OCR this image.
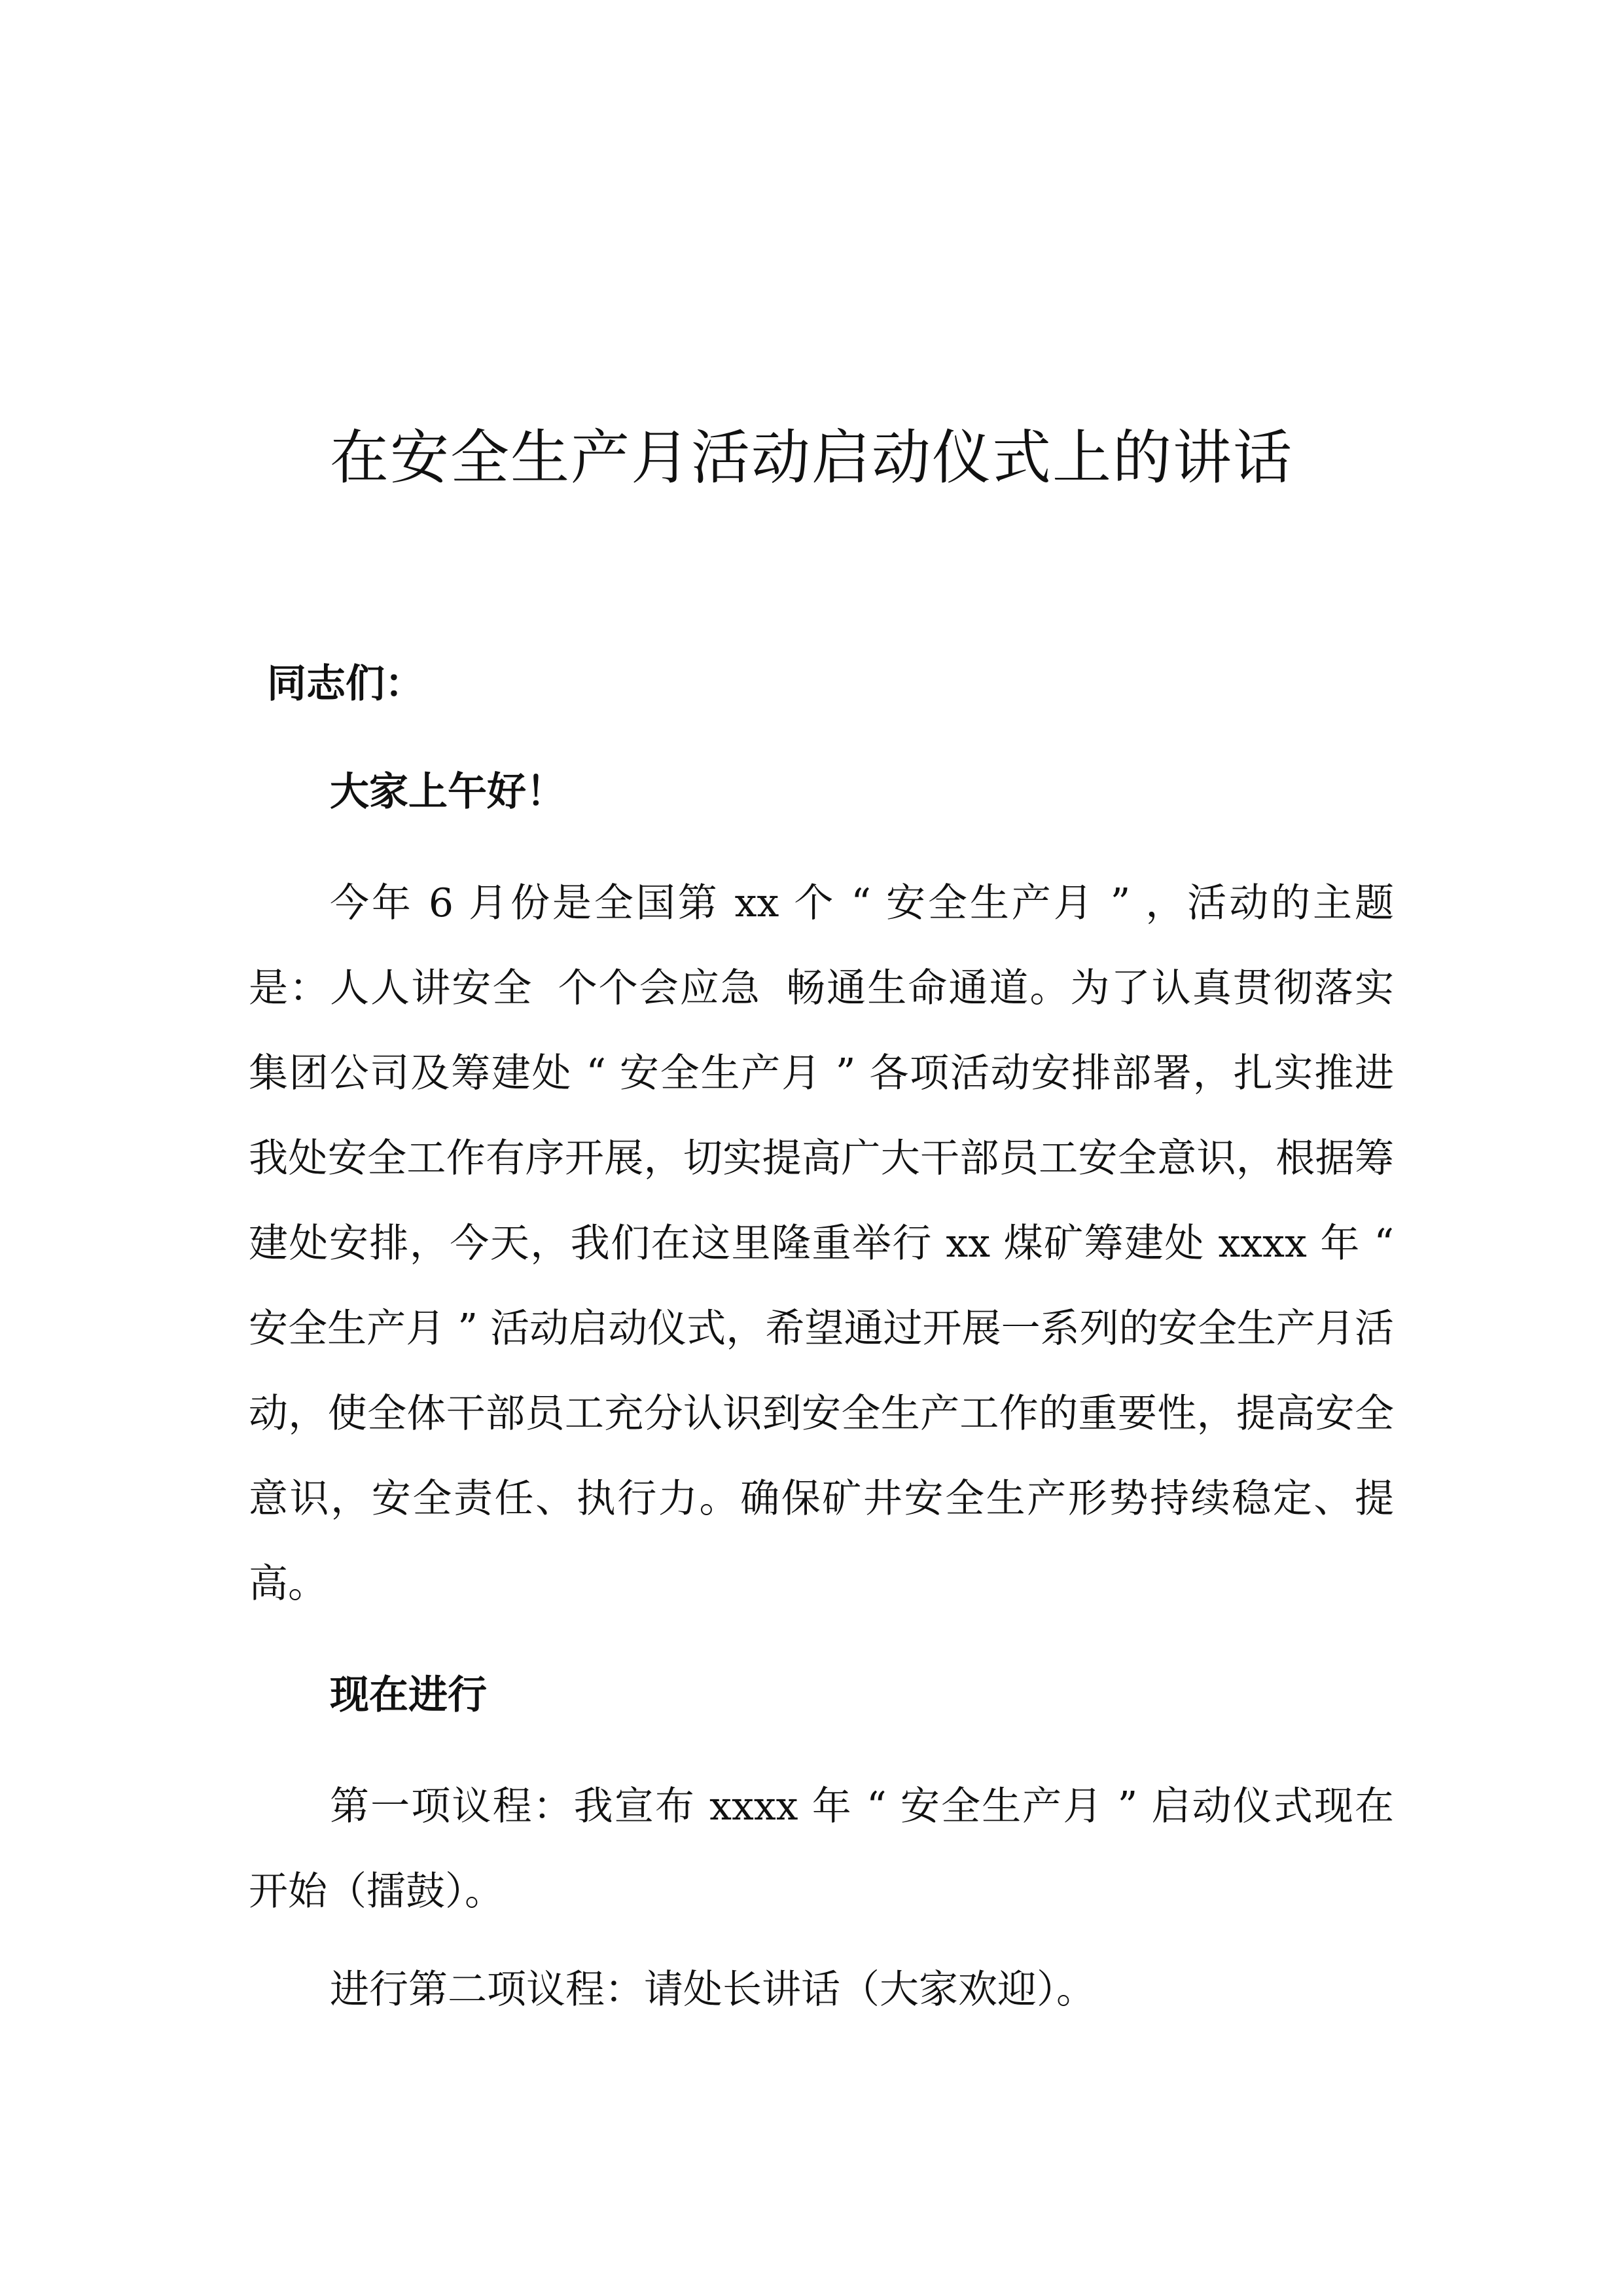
在安全生产月活动启动仪式上的讲话
同志们：
大家上午好！

今年 6 月份是全国第 xx 个 “ 安全生产月 ” ，活动的主题是：人人讲安全 个个会应急 畅通生命通道。为了认真贯彻落实集团公司及筹建处 “ 安全生产月 ” 各项活动安排部署，扎实推进我处安全工作有序开展，切实提高广大干部员工安全意识，根据筹建处安排，今天，我们在这里隆重举行 xx 煤矿筹建处 xxxx 年 “ 安全生产月 ” 活动启动仪式，希望通过开展一系列的安全生产月活动，使全体干部员工充分认识到安全生产工作的重要性，提高安全意识，安全责任、执行力。确保矿井安全生产形势持续稳定、提高。

现在进行

第一项议程：我宣布 xxxx 年 “ 安全生产月 ” 启动仪式现在开始（擂鼓）。

进行第二项议程：请处长讲话（大家欢迎）。
